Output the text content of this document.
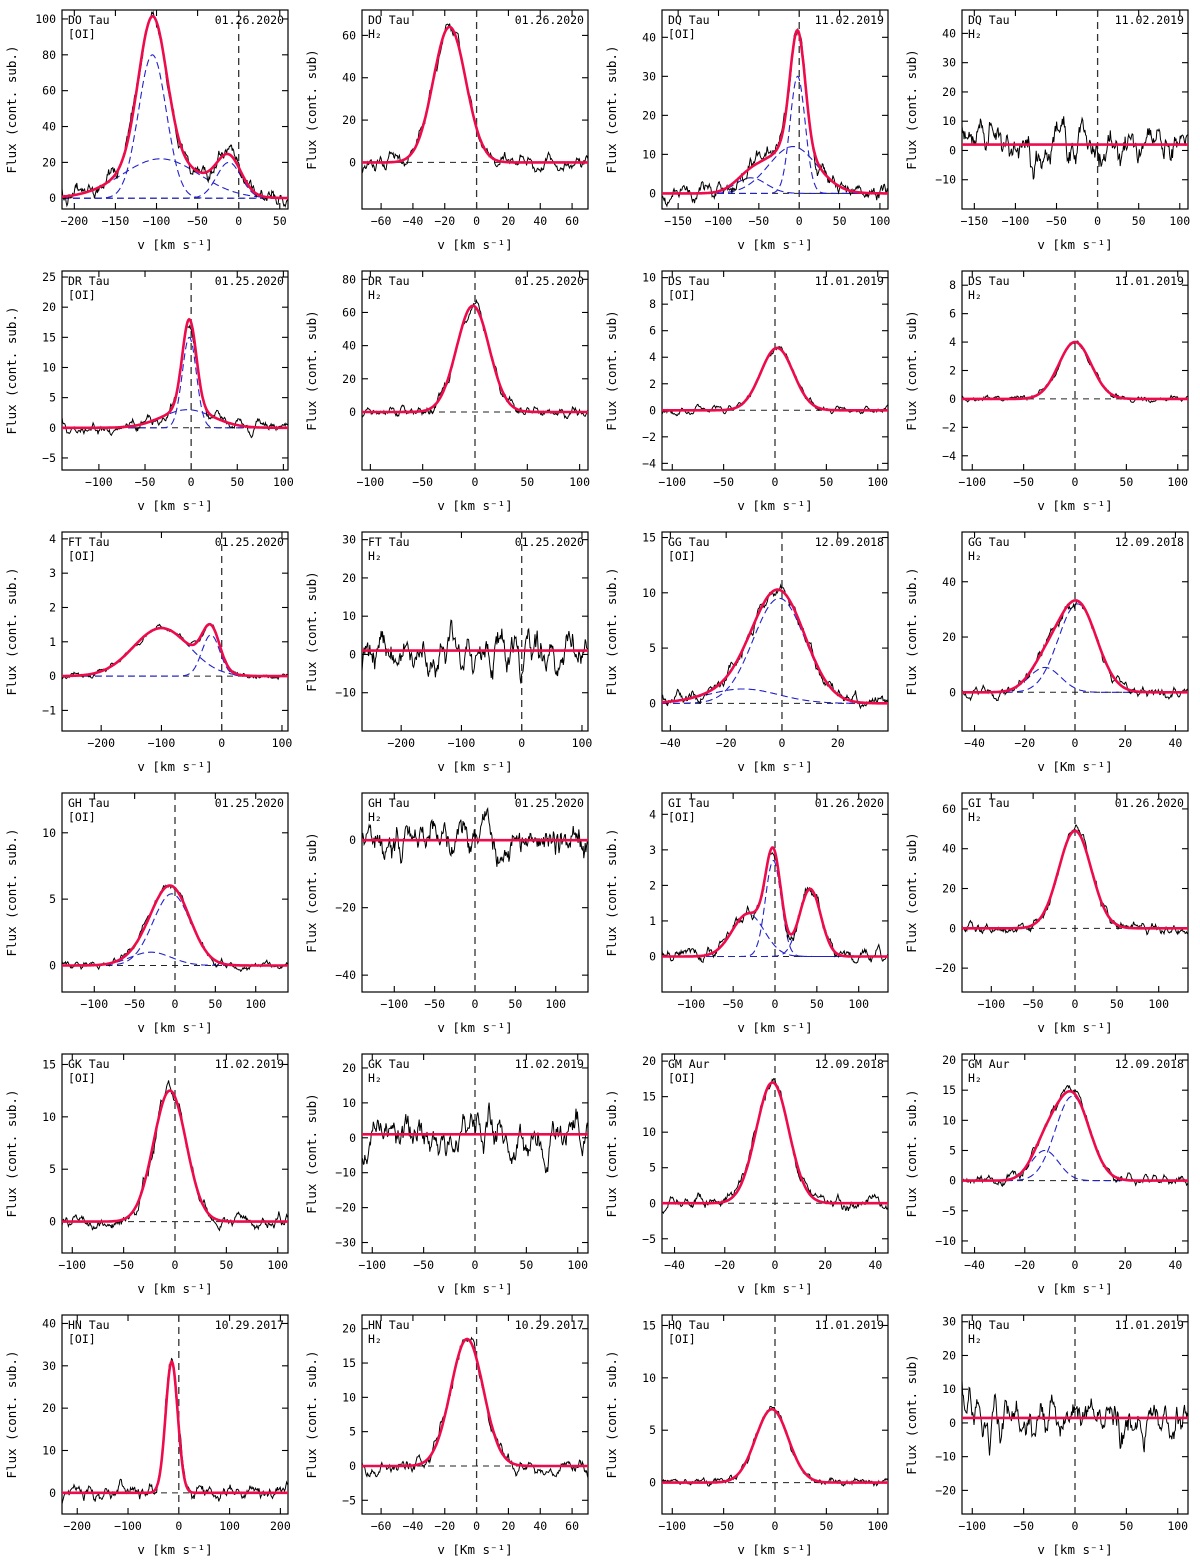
−200 −150 −100 −50 0	50
0
20
40
60
80
100 DO Tau
[OI]
01.26.2020
v [km s⁻¹]
Flux (cont. sub.)
−60 −40 −20 0 20 40 60
0
20
40
60
DO Tau
H₂
01.26.2020
v [km s⁻¹]
Flux (cont. sub)
−150 −100 −50 0	50 100
0
10
20
30
40
DQ Tau
[OI]
11.02.2019
v [km s⁻¹]
Flux (cont. sub.)
−150 −100 −50 0	50 100
−10
0
10
20
30
40
DQ Tau
H₂
11.02.2019
v [km s⁻¹]
Flux (cont. sub)
−100 −50	0	50	100
−5
0
5
10
15
20
25 DR Tau
[OI]
01.25.2020
v [km s⁻¹]
Flux (cont. sub.)
−100 −50	0	50	100
0
20
40
60
80 DR Tau
H₂
01.25.2020
v [km s⁻¹]
Flux (cont. sub)
−100 −50	0	50	100
−4
−2
0
2
4
6
8
10 DS Tau
[OI]
11.01.2019
v [km s⁻¹]
Flux (cont. sub)
−100 −50	0	50	100
−4
−2
0
2
4
6
8 DS Tau
H₂
11.01.2019
v [km s⁻¹]
Flux (cont. sub)
−200	−100	0	100
−1
0
1
2
3
4 FT Tau
[OI]
01.25.2020
v [km s⁻¹]
Flux (cont. sub.)
−200	−100	0	100
−10
0
10
20
30 FT Tau
H₂
01.25.2020
v [km s⁻¹]
Flux (cont. sub)
−40	−20	0	20
0
5
10
15 GG Tau
[OI]
12.09.2018
v [km s⁻¹]
Flux (cont. sub.)
−40	−20	0	20	40
0
20
40
GG Tau
H₂
12.09.2018
v [Km s⁻¹]
Flux (cont. sub.)
−100 −50 0	50 100
0
5
10
GH Tau
[OI]
01.25.2020
v [km s⁻¹]
Flux (cont. sub.)
−100 −50 0	50 100
−40
−20
0
GH Tau
H₂
01.25.2020
v [km s⁻¹]
Flux (cont. sub)
−100 −50 0	50 100
0
1
2
3
4
GI Tau
[OI]
01.26.2020
v [km s⁻¹]
Flux (cont. sub.)
−100 −50 0	50 100
−20
0
20
40
60 GI Tau
H₂
01.26.2020
v [km s⁻¹]
Flux (cont. sub)
−100 −50	0	50	100
0
5
10
15 GK Tau
[OI]
11.02.2019
v [km s⁻¹]
Flux (cont. sub.)
−100 −50	0	50	100
−30
−20
−10
0
10
20 GK Tau
H₂
11.02.2019
v [km s⁻¹]
Flux (cont. sub)
−40	−20	0	20	40
−5
0
5
10
15
20 GM Aur
[OI]
12.09.2018
v [km s⁻¹]
Flux (cont. sub.)
−40	−20	0	20	40
−10
−5
0
5
10
15
20 GM Aur
H₂
12.09.2018
v [km s⁻¹]
Flux (cont. sub.)
−200 −100	0	100	200
0
10
20
30
40 HN Tau
[OI]
10.29.2017
v [km s⁻¹]
Flux (cont. sub.)
−60 −40 −20 0 20 40 60
−5
0
5
10
15
20 HN Tau
H₂
10.29.2017
v [Km s⁻¹]
Flux (cont. sub.)
−100 −50	0	50	100
0
5
10
15 HQ Tau
[OI]
11.01.2019
v [km s⁻¹]
Flux (cont. sub.)
−100 −50	0	50	100
−20
−10
0
10
20
30 HQ Tau
H₂
11.01.2019
v [km s⁻¹]
Flux (cont. sub)
